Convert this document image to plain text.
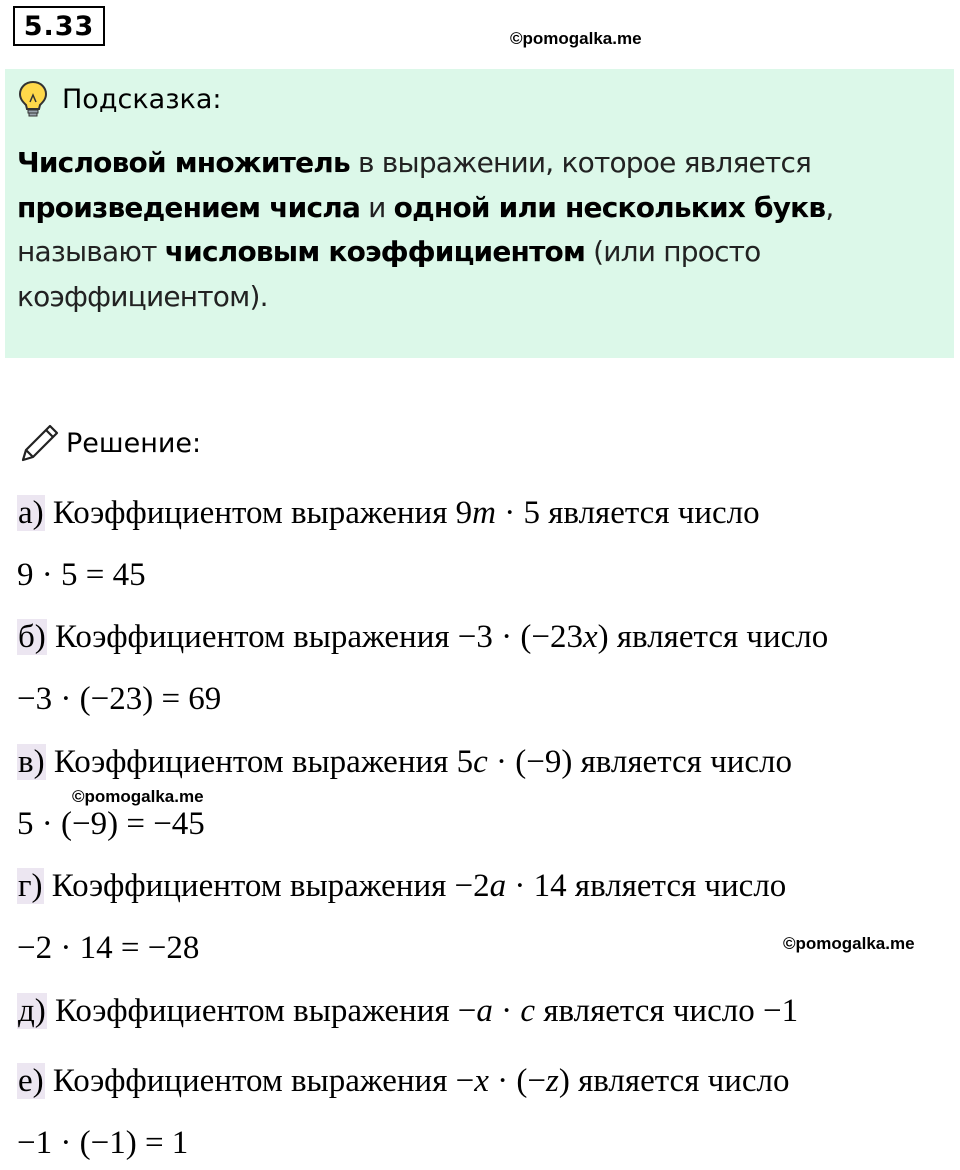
5.33	©pomogalka.me
Подсказка:
Числовой множитель в выражении, которое является произведением числа и одной или нескольких букв, называют числовым коэффициентом (или просто коэффициентом).
Решение:
а) Коэффициентом выражения 9m · 5 является число
9 · 5 = 45
б) Коэффициентом выражения −3 · (−23x) является число
−3 · (−23) = 69
в) Коэффициентом выражения 5c · (−9) является число
5 · (−9) = −45
г) Коэффициентом выражения −2a · 14 является число
−2 · 14 = −28
д) Коэффициентом выражения −a · c является число −1
е) Коэффициентом выражения −x · (−z) является число
−1 · (−1) = 1
©pomogalka.me
©pomogalka.me
